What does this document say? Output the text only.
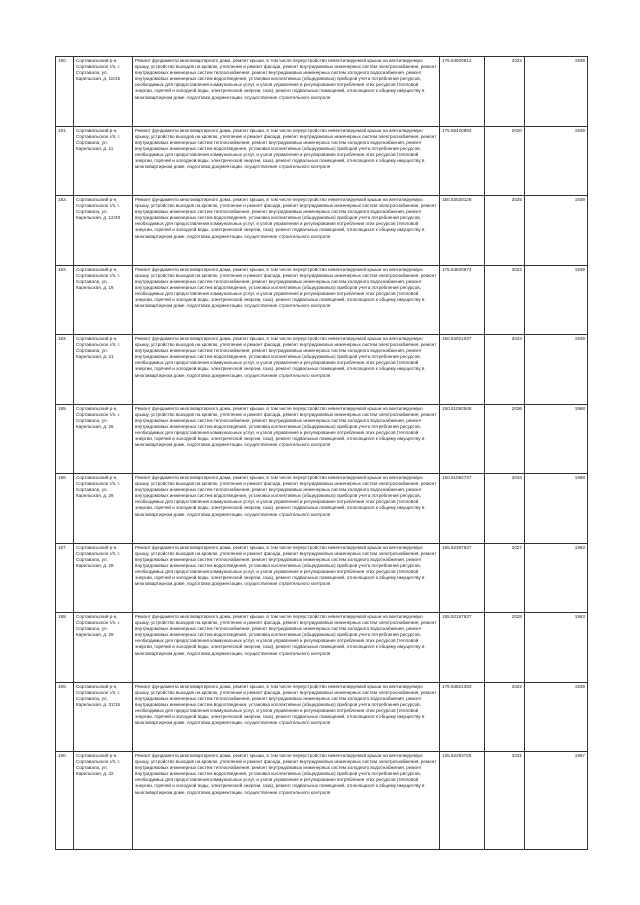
180.	Сортавальский р-н, Сортавальское г/п, г. Сортавала, ул. Карельская, д. 10/15	Ремонт фундамента многоквартирного дома, ремонт крыши, в том числе переустройство невентилируемой крыши на вентилируемую крышу, устройство выходов на кровлю, утепление и ремонт фасада, ремонт внутридомовых инженерных систем электроснабжения, ремонт внутридомовых инженерных систем теплоснабжения, ремонт внутридомовых инженерных систем холодного водоснабжения, ремонт внутридомовых инженерных систем водоотведения, установка коллективных (общедомовых) приборов учета потребления ресурсов, необходимых для предоставления коммунальных услуг, и узлов управления и регулирования потребления этих ресурсов (тепловой энергии, горячей и холодной воды, электрической энергии, газа), ремонт подвальных помещений, относящихся к общему имуществу в многоквартирном доме, подготовка документации, осуществление строительного контроля	175.54920814	2022	1939
181.	Сортавальский р-н, Сортавальское г/п, г. Сортавала, ул. Карельская, д. 11	Ремонт фундамента многоквартирного дома, ремонт крыши, в том числе переустройство невентилируемой крыши на вентилируемую крышу, устройство выходов на кровлю, утепление и ремонт фасада, ремонт внутридомовых инженерных систем электроснабжения, ремонт внутридомовых инженерных систем теплоснабжения, ремонт внутридомовых инженерных систем холодного водоснабжения, ремонт внутридомовых инженерных систем водоотведения, установка коллективных (общедомовых) приборов учета потребления ресурсов, необходимых для предоставления коммунальных услуг, и узлов управления и регулирования потребления этих ресурсов (тепловой энергии, горячей и холодной воды, электрической энергии, газа), ремонт подвальных помещений, относящихся к общему имуществу в многоквартирном доме, подготовка документации, осуществление строительного контроля	175.55420892	2020	1939
182.	Сортавальский р-н, Сортавальское г/п, г. Сортавала, ул. Карельская, д. 12/29	Ремонт фундамента многоквартирного дома, ремонт крыши, в том числе переустройство невентилируемой крыши на вентилируемую крышу, устройство выходов на кровлю, утепление и ремонт фасада, ремонт внутридомовых инженерных систем электроснабжения, ремонт внутридомовых инженерных систем теплоснабжения, ремонт внутридомовых инженерных систем холодного водоснабжения, ремонт внутридомовых инженерных систем водоотведения, установка коллективных (общедомовых) приборов учета потребления ресурсов, необходимых для предоставления коммунальных услуг, и узлов управления и регулирования потребления этих ресурсов (тепловой энергии, горячей и холодной воды, электрической энергии, газа), ремонт подвальных помещений, относящихся к общему имуществу в многоквартирном доме, подготовка документации, осуществление строительного контроля	150.53020128	2025	1939
183.	Сортавальский р-н, Сортавальское г/п, г. Сортавала, ул. Карельская, д. 16	Ремонт фундамента многоквартирного дома, ремонт крыши, в том числе переустройство невентилируемой крыши на вентилируемую крышу, устройство выходов на кровлю, утепление и ремонт фасада, ремонт внутридомовых инженерных систем электроснабжения, ремонт внутридомовых инженерных систем теплоснабжения, ремонт внутридомовых инженерных систем холодного водоснабжения, ремонт внутридомовых инженерных систем водоотведения, установка коллективных (общедомовых) приборов учета потребления ресурсов, необходимых для предоставления коммунальных услуг, и узлов управления и регулирования потребления этих ресурсов (тепловой энергии, горячей и холодной воды, электрической энергии, газа), ремонт подвальных помещений, относящихся к общему имуществу в многоквартирном доме, подготовка документации, осуществление строительного контроля	175.54820674	2022	1939
184.	Сортавальский р-н, Сортавальское г/п, г. Сортавала, ул. Карельская, д. 21	Ремонт фундамента многоквартирного дома, ремонт крыши, в том числе переустройство невентилируемой крыши на вентилируемую крышу, устройство выходов на кровлю, утепление и ремонт фасада, ремонт внутридомовых инженерных систем электроснабжения, ремонт внутридомовых инженерных систем теплоснабжения, ремонт внутридомовых инженерных систем холодного водоснабжения, ремонт внутридомовых инженерных систем водоотведения, установка коллективных (общедомовых) приборов учета потребления ресурсов, необходимых для предоставления коммунальных услуг, и узлов управления и регулирования потребления этих ресурсов (тепловой энергии, горячей и холодной воды, электрической энергии, газа), ремонт подвальных помещений, относящихся к общему имуществу в многоквартирном доме, подготовка документации, осуществление строительного контроля	150.54021037	2024	1939
185.	Сортавальский р-н, Сортавальское г/п, г. Сортавала, ул. Карельская, д. 25	Ремонт фундамента многоквартирного дома, ремонт крыши, в том числе переустройство невентилируемой крыши на вентилируемую крышу, устройство выходов на кровлю, утепление и ремонт фасада, ремонт внутридомовых инженерных систем электроснабжения, ремонт внутридомовых инженерных систем теплоснабжения, ремонт внутридомовых инженерных систем холодного водоснабжения, ремонт внутридомовых инженерных систем водоотведения, установка коллективных (общедомовых) приборов учета потребления ресурсов, необходимых для предоставления коммунальных услуг, и узлов управления и регулирования потребления этих ресурсов (тепловой энергии, горячей и холодной воды, электрической энергии, газа), ремонт подвальных помещений, относящихся к общему имуществу в многоквартирном доме, подготовка документации, осуществление строительного контроля	150.51092548	2036	1968
186.	Сортавальский р-н, Сортавальское г/п, г. Сортавала, ул. Карельская, д. 26	Ремонт фундамента многоквартирного дома, ремонт крыши, в том числе переустройство невентилируемой крыши на вентилируемую крышу, устройство выходов на кровлю, утепление и ремонт фасада, ремонт внутридомовых инженерных систем электроснабжения, ремонт внутридомовых инженерных систем теплоснабжения, ремонт внутридомовых инженерных систем холодного водоснабжения, ремонт внутридомовых инженерных систем водоотведения, установка коллективных (общедомовых) приборов учета потребления ресурсов, необходимых для предоставления коммунальных услуг, и узлов управления и регулирования потребления этих ресурсов (тепловой энергии, горячей и холодной воды, электрической энергии, газа), ремонт подвальных помещений, относящихся к общему имуществу в многоквартирном доме, подготовка документации, осуществление строительного контроля	150.51092737	2034	1968
187.	Сортавальский р-н, Сортавальское г/п, г. Сортавала, ул. Карельская, д. 28	Ремонт фундамента многоквартирного дома, ремонт крыши, в том числе переустройство невентилируемой крыши на вентилируемую крышу, устройство выходов на кровлю, утепление и ремонт фасада, ремонт внутридомовых инженерных систем электроснабжения, ремонт внутридомовых инженерных систем теплоснабжения, ремонт внутридомовых инженерных систем холодного водоснабжения, ремонт внутридомовых инженерных систем водоотведения, установка коллективных (общедомовых) приборов учета потребления ресурсов, необходимых для предоставления коммунальных услуг, и узлов управления и регулирования потребления этих ресурсов (тепловой энергии, горячей и холодной воды, электрической энергии, газа), ремонт подвальных помещений, относящихся к общему имуществу в многоквартирном доме, подготовка документации, осуществление строительного контроля	155.52397637	2027	1963
188.	Сортавальский р-н, Сортавальское г/п, г. Сортавала, ул. Карельская, д. 29	Ремонт фундамента многоквартирного дома, ремонт крыши, в том числе переустройство невентилируемой крыши на вентилируемую крышу, устройство выходов на кровлю, утепление и ремонт фасада, ремонт внутридомовых инженерных систем электроснабжения, ремонт внутридомовых инженерных систем теплоснабжения, ремонт внутридомовых инженерных систем холодного водоснабжения, ремонт внутридомовых инженерных систем водоотведения, установка коллективных (общедомовых) приборов учета потребления ресурсов, необходимых для предоставления коммунальных услуг, и узлов управления и регулирования потребления этих ресурсов (тепловой энергии, горячей и холодной воды, электрической энергии, газа), ремонт подвальных помещений, относящихся к общему имуществу в многоквартирном доме, подготовка документации, осуществление строительного контроля	155.52197637	2028	1963
189.	Сортавальский р-н, Сортавальское г/п, г. Сортавала, ул. Карельская, д. 31/15	Ремонт фундамента многоквартирного дома, ремонт крыши, в том числе переустройство невентилируемой крыши на вентилируемую крышу, устройство выходов на кровлю, утепление и ремонт фасада, ремонт внутридомовых инженерных систем электроснабжения, ремонт внутридомовых инженерных систем теплоснабжения, ремонт внутридомовых инженерных систем холодного водоснабжения, ремонт внутридомовых инженерных систем водоотведения, установка коллективных (общедомовых) приборов учета потребления ресурсов, необходимых для предоставления коммунальных услуг, и узлов управления и регулирования потребления этих ресурсов (тепловой энергии, горячей и холодной воды, электрической энергии, газа), ремонт подвальных помещений, относящихся к общему имуществу в многоквартирном доме, подготовка документации, осуществление строительного контроля	175.54821393	2022	1939
190.	Сортавальский р-н, Сортавальское г/п, г. Сортавала, ул. Карельская, д. 32	Ремонт фундамента многоквартирного дома, ремонт крыши, в том числе переустройство невентилируемой крыши на вентилируемую крышу, устройство выходов на кровлю, утепление и ремонт фасада, ремонт внутридомовых инженерных систем электроснабжения, ремонт внутридомовых инженерных систем теплоснабжения, ремонт внутридомовых инженерных систем холодного водоснабжения, ремонт внутридомовых инженерных систем водоотведения, установка коллективных (общедомовых) приборов учета потребления ресурсов, необходимых для предоставления коммунальных услуг, и узлов управления и регулирования потребления этих ресурсов (тепловой энергии, горячей и холодной воды, электрической энергии, газа), ремонт подвальных помещений, относящихся к общему имуществу в многоквартирном доме, подготовка документации, осуществление строительного контроля	135.52293726	2031	1967
